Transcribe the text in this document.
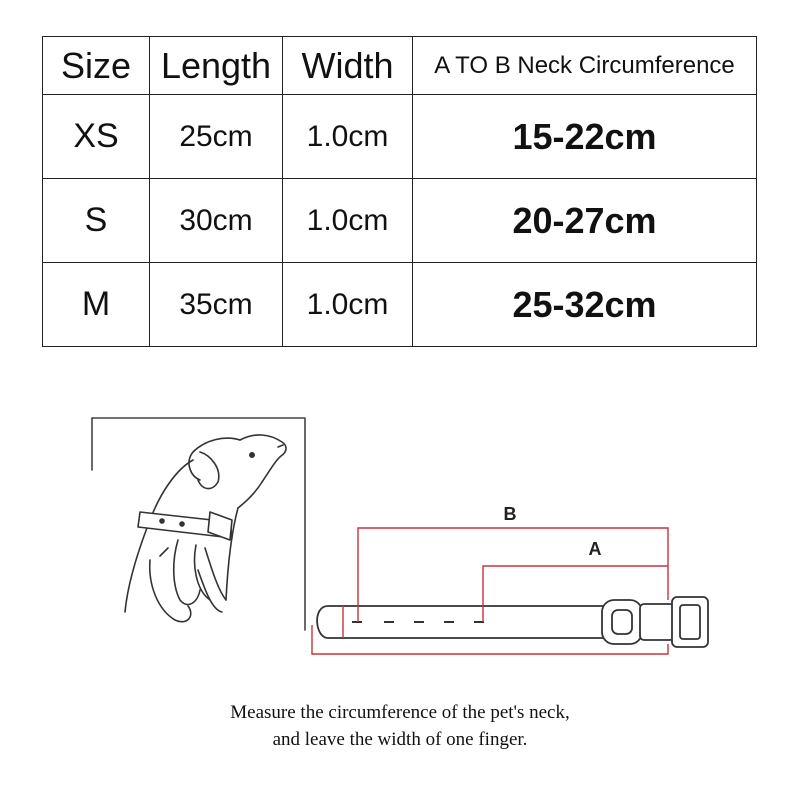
Size	Length	Width	A TO B Neck Circumference
XS	25cm	1.0cm	15-22cm
S	30cm	1.0cm	20-27cm
M	35cm	1.0cm	25-32cm
B
A
Measure the circumference of the pet's neck,
and leave the width of one finger.
